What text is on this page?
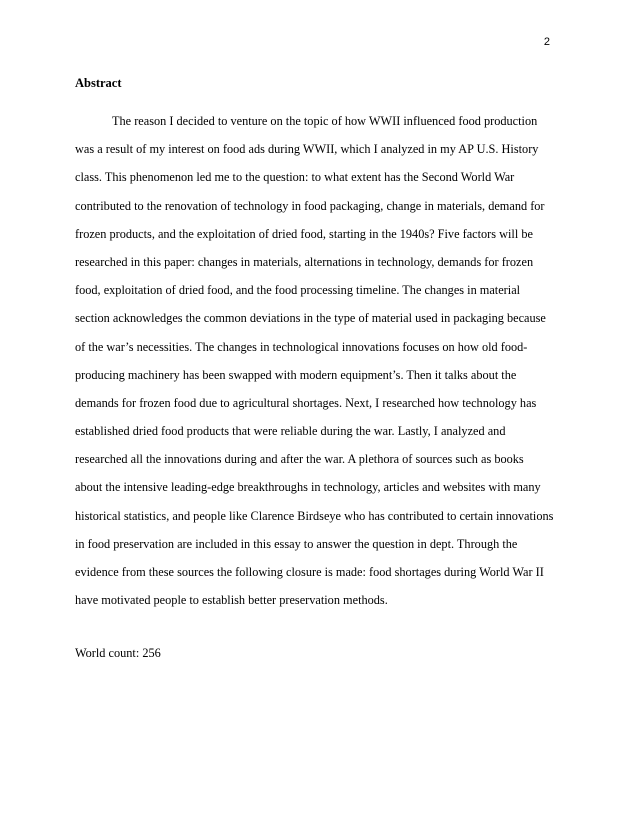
2
Abstract
The reason I decided to venture on the topic of how WWII influenced food production
was a result of my interest on food ads during WWII, which I analyzed in my AP U.S. History
class. This phenomenon led me to the question: to what extent has the Second World War
contributed to the renovation of technology in food packaging, change in materials, demand for
frozen products, and the exploitation of dried food, starting in the 1940s? Five factors will be
researched in this paper: changes in materials, alternations in technology, demands for frozen
food, exploitation of dried food, and the food processing timeline. The changes in material
section acknowledges the common deviations in the type of material used in packaging because
of the war’s necessities. The changes in technological innovations focuses on how old food-
producing machinery has been swapped with modern equipment’s. Then it talks about the
demands for frozen food due to agricultural shortages. Next, I researched how technology has
established dried food products that were reliable during the war. Lastly, I analyzed and
researched all the innovations during and after the war. A plethora of sources such as books
about the intensive leading-edge breakthroughs in technology, articles and websites with many
historical statistics, and people like Clarence Birdseye who has contributed to certain innovations
in food preservation are included in this essay to answer the question in dept. Through the
evidence from these sources the following closure is made: food shortages during World War II
have motivated people to establish better preservation methods.
World count: 256
